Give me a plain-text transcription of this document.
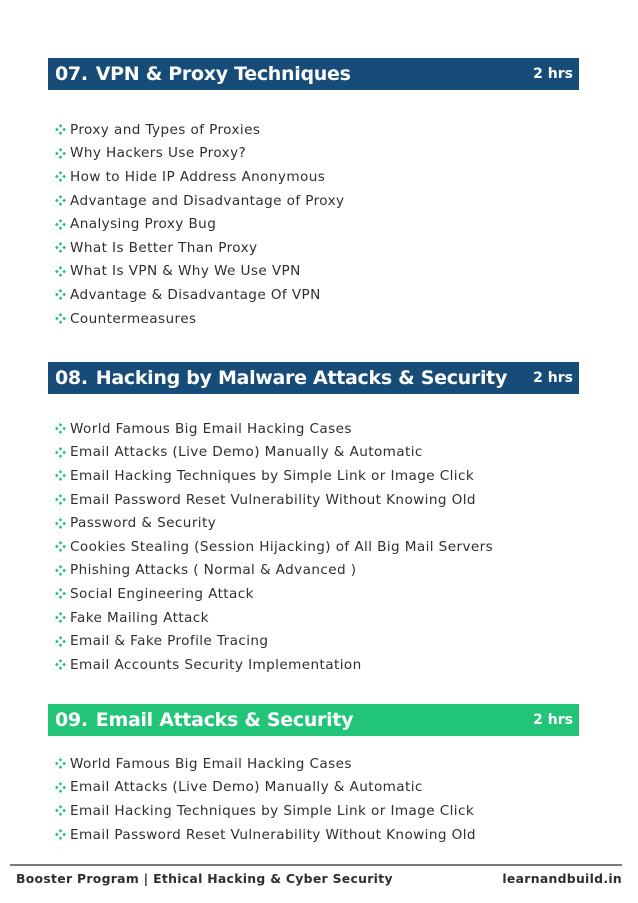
07. VPN & Proxy Techniques	2 hrs
Proxy and Types of Proxies
Why Hackers Use Proxy?
How to Hide IP Address Anonymous
Advantage and Disadvantage of Proxy
Analysing Proxy Bug
What Is Better Than Proxy
What Is VPN & Why We Use VPN
Advantage & Disadvantage Of VPN
Countermeasures
08. Hacking by Malware Attacks & Security 2 hrs
World Famous Big Email Hacking Cases
Email Attacks (Live Demo) Manually & Automatic
Email Hacking Techniques by Simple Link or Image Click
Email Password Reset Vulnerability Without Knowing Old
Password & Security
Cookies Stealing (Session Hijacking) of All Big Mail Servers
Phishing Attacks ( Normal & Advanced )
Social Engineering Attack
Fake Mailing Attack
Email & Fake Profile Tracing
Email Accounts Security Implementation
09. Email Attacks & Security	2 hrs
World Famous Big Email Hacking Cases
Email Attacks (Live Demo) Manually & Automatic
Email Hacking Techniques by Simple Link or Image Click
Email Password Reset Vulnerability Without Knowing Old
Booster Program | Ethical Hacking & Cyber Security	learnandbuild.in
